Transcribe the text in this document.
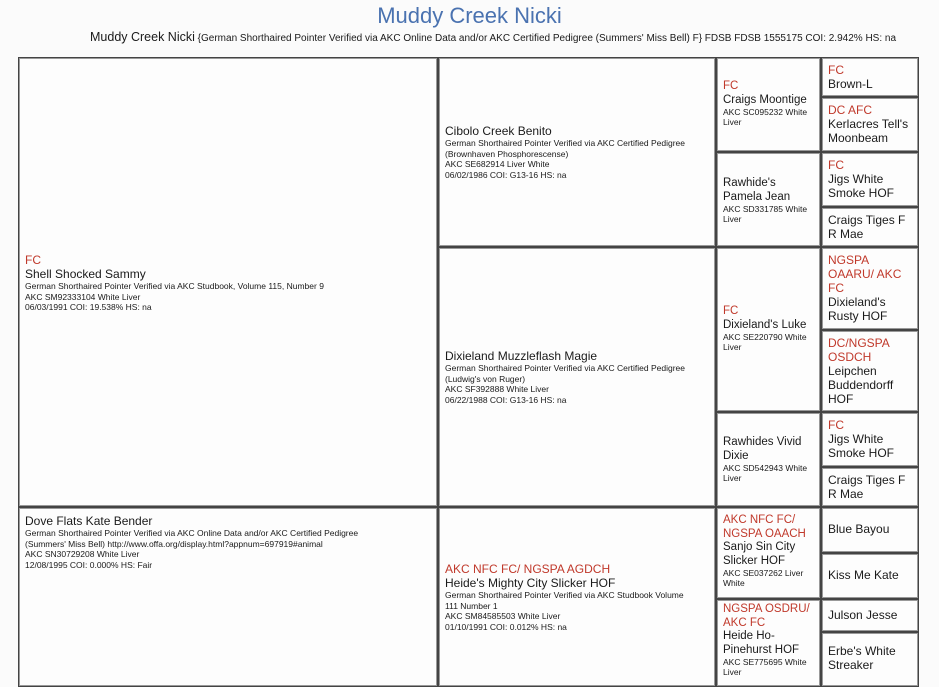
Muddy Creek Nicki
Muddy Creek Nicki {German Shorthaired Pointer Verified via AKC Online Data and/or AKC Certified Pedigree (Summers' Miss Bell) F} FDSB FDSB 1555175 COI: 2.942% HS: na
FC
Shell Shocked Sammy
German Shorthaired Pointer Verified via AKC Studbook, Volume 115, Number 9
AKC SM92333104 White Liver
06/03/1991 COI: 19.538% HS: na
Dove Flats Kate Bender
German Shorthaired Pointer Verified via AKC Online Data and/or AKC Certified Pedigree
(Summers' Miss Bell) http://www.offa.org/display.html?appnum=697919#animal
AKC SN30729208 White Liver
12/08/1995 COI: 0.000% HS: Fair
Cibolo Creek Benito
German Shorthaired Pointer Verified via AKC Certified Pedigree
(Brownhaven Phosphorescense)
AKC SE682914 Liver White
06/02/1986 COI: G13-16 HS: na
Dixieland Muzzleflash Magie
German Shorthaired Pointer Verified via AKC Certified Pedigree
(Ludwig's von Ruger)
AKC SF392888 White Liver
06/22/1988 COI: G13-16 HS: na
AKC NFC FC/ NGSPA AGDCH
Heide's Mighty City Slicker HOF
German Shorthaired Pointer Verified via AKC Studbook Volume
111 Number 1
AKC SM84585503 White Liver
01/10/1991 COI: 0.012% HS: na
FC
Craigs Moontige
AKC SC095232 White Liver
Rawhide's Pamela Jean
AKC SD331785 White Liver
FC
Dixieland's Luke
AKC SE220790 White Liver
Rawhides Vivid Dixie
AKC SD542943 White Liver
AKC NFC FC/ NGSPA OAACH
Sanjo Sin City Slicker HOF
AKC SE037262 Liver White
NGSPA OSDRU/ AKC FC
Heide Ho-Pinehurst HOF
AKC SE775695 White Liver
FC
Brown-L
DC AFC
Kerlacres Tell's Moonbeam
FC
Jigs White Smoke HOF
Craigs Tiges F R Mae
NGSPA OAARU/ AKC FC
Dixieland's Rusty HOF
DC/NGSPA OSDCH
Leipchen Buddendorff HOF
FC
Jigs White Smoke HOF
Craigs Tiges F R Mae
Blue Bayou
Kiss Me Kate
Julson Jesse
Erbe's White Streaker
